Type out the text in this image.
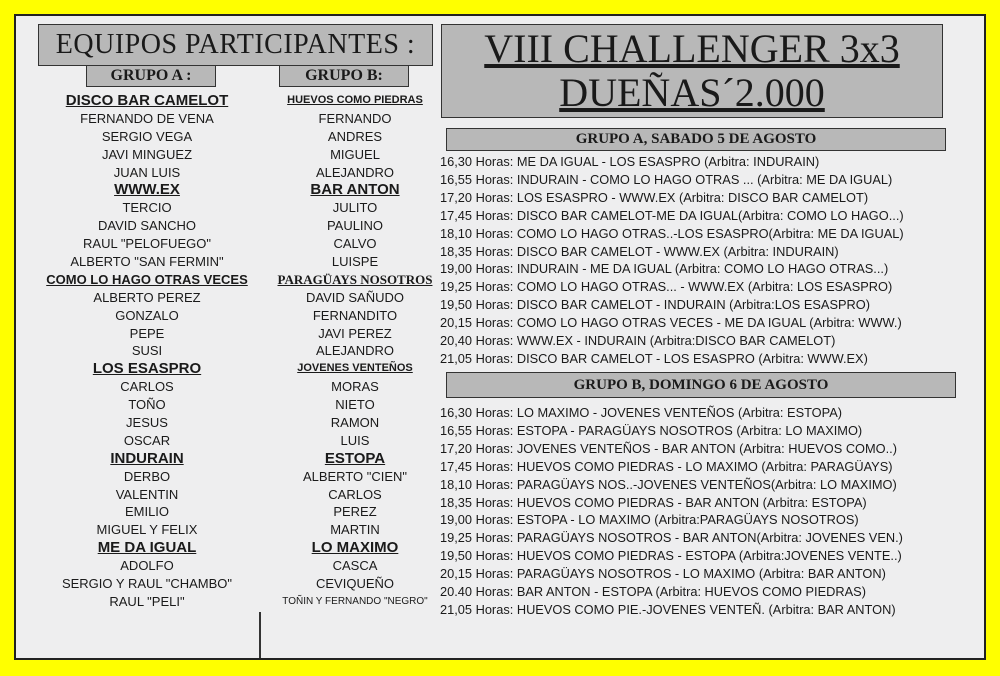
EQUIPOS PARTICIPANTES :
GRUPO A :	GRUPO B:
VIII CHALLENGER 3x3
DUEÑAS´2.000
GRUPO A, SABADO 5 DE AGOSTO
GRUPO B, DOMINGO 6 DE AGOSTO
DISCO BAR CAMELOT
FERNANDO DE VENA
SERGIO VEGA
JAVI MINGUEZ
JUAN LUIS
WWW.EX
TERCIO
DAVID SANCHO
RAUL "PELOFUEGO"
ALBERTO "SAN FERMIN"
COMO LO HAGO OTRAS VECES
ALBERTO PEREZ
GONZALO
PEPE
SUSI
LOS ESASPRO
CARLOS
TOÑO
JESUS
OSCAR
INDURAIN
DERBO
VALENTIN
EMILIO
MIGUEL Y FELIX
ME DA IGUAL
ADOLFO
SERGIO Y RAUL "CHAMBO"
RAUL "PELI"
HUEVOS COMO PIEDRAS
FERNANDO
ANDRES
MIGUEL
ALEJANDRO
BAR ANTON
JULITO
PAULINO
CALVO
LUISPE
PARAGÜAYS NOSOTROS
DAVID SAÑUDO
FERNANDITO
JAVI PEREZ
ALEJANDRO
JOVENES VENTEÑOS
MORAS
NIETO
RAMON
LUIS
ESTOPA
ALBERTO "CIEN"
CARLOS
PEREZ
MARTIN
LO MAXIMO
CASCA
CEVIQUEÑO
TOÑIN Y FERNANDO "NEGRO"
16,30 Horas: ME DA IGUAL - LOS ESASPRO (Arbitra: INDURAIN)
16,55 Horas: INDURAIN - COMO LO HAGO OTRAS ... (Arbitra: ME DA IGUAL)
17,20 Horas: LOS ESASPRO - WWW.EX (Arbitra: DISCO BAR CAMELOT)
17,45 Horas: DISCO BAR CAMELOT-ME DA IGUAL(Arbitra: COMO LO HAGO...)
18,10 Horas: COMO LO HAGO OTRAS..-LOS ESASPRO(Arbitra: ME DA IGUAL)
18,35 Horas: DISCO BAR CAMELOT - WWW.EX (Arbitra: INDURAIN)
19,00 Horas: INDURAIN - ME DA IGUAL (Arbitra: COMO LO HAGO OTRAS...)
19,25 Horas: COMO LO HAGO OTRAS... - WWW.EX (Arbitra: LOS ESASPRO)
19,50 Horas: DISCO BAR CAMELOT - INDURAIN (Arbitra:LOS ESASPRO)
20,15 Horas: COMO LO HAGO OTRAS VECES - ME DA IGUAL (Arbitra: WWW.)
20,40 Horas: WWW.EX - INDURAIN (Arbitra:DISCO BAR CAMELOT)
21,05 Horas: DISCO BAR CAMELOT - LOS ESASPRO (Arbitra: WWW.EX)
16,30 Horas: LO MAXIMO - JOVENES VENTEÑOS (Arbitra: ESTOPA)
16,55 Horas: ESTOPA - PARAGÜAYS NOSOTROS (Arbitra: LO MAXIMO)
17,20 Horas: JOVENES VENTEÑOS - BAR ANTON (Arbitra: HUEVOS COMO..)
17,45 Horas: HUEVOS COMO PIEDRAS - LO MAXIMO (Arbitra: PARAGÜAYS)
18,10 Horas: PARAGÜAYS NOS..-JOVENES VENTEÑOS(Arbitra: LO MAXIMO)
18,35 Horas: HUEVOS COMO PIEDRAS - BAR ANTON (Arbitra: ESTOPA)
19,00 Horas: ESTOPA - LO MAXIMO (Arbitra:PARAGÜAYS NOSOTROS)
19,25 Horas: PARAGÜAYS NOSOTROS - BAR ANTON(Arbitra: JOVENES VEN.)
19,50 Horas: HUEVOS COMO PIEDRAS - ESTOPA (Arbitra:JOVENES VENTE..)
20,15 Horas: PARAGÜAYS NOSOTROS - LO MAXIMO (Arbitra: BAR ANTON)
20.40 Horas: BAR ANTON - ESTOPA (Arbitra: HUEVOS COMO PIEDRAS)
21,05 Horas: HUEVOS COMO PIE.-JOVENES VENTEÑ. (Arbitra: BAR ANTON)
